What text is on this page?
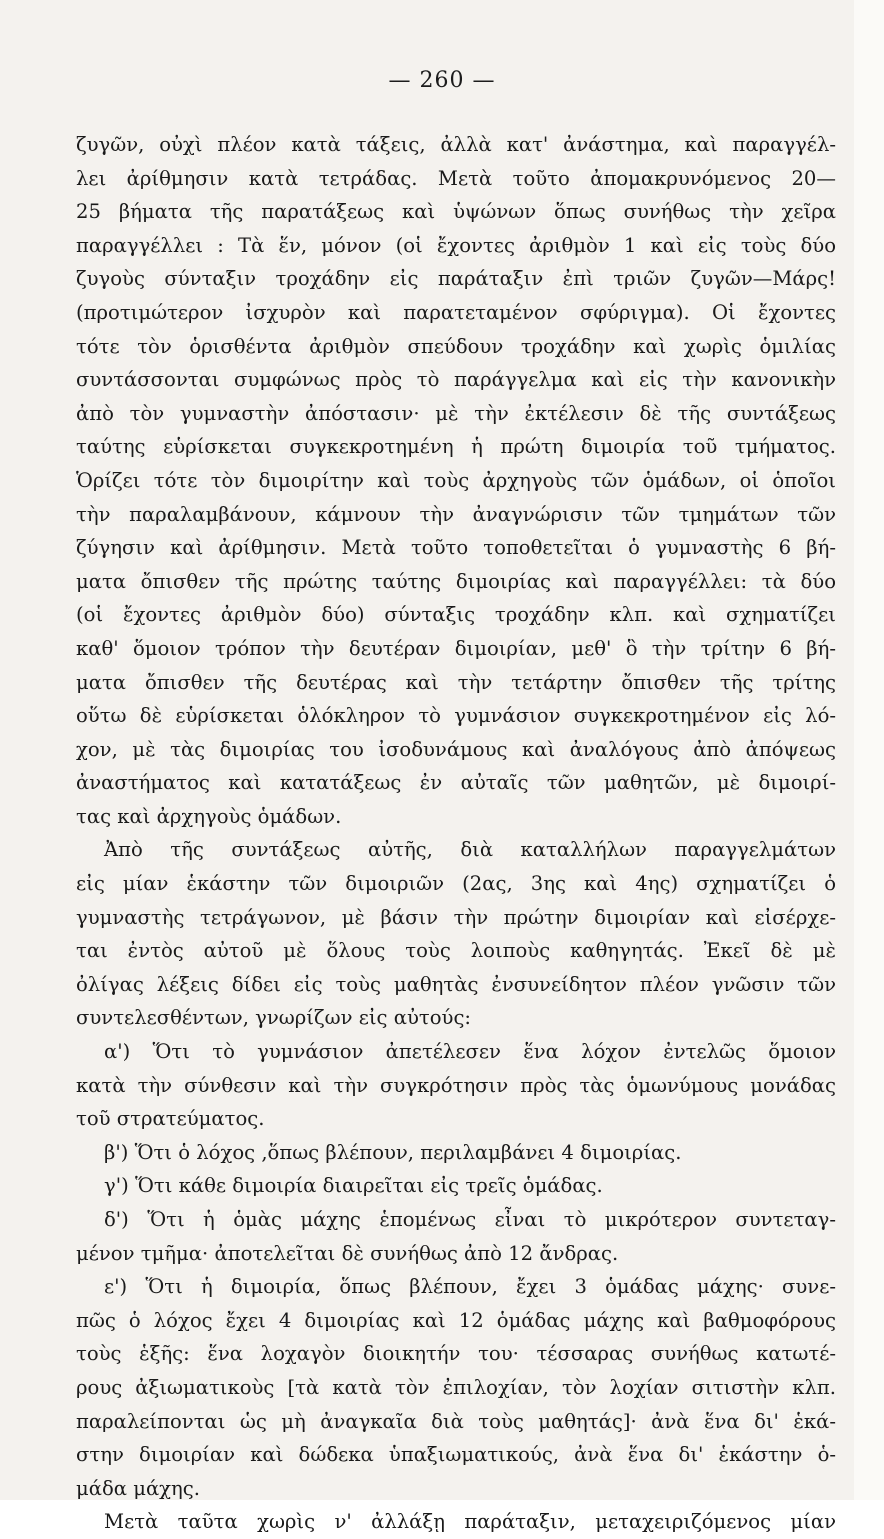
— 260 —
ζυγῶν, οὐχὶ πλέον κατὰ τάξεις, ἀλλὰ κατ' ἀνάστημα, καὶ παραγγέλ-
λει ἀρίθμησιν κατὰ τετράδας. Μετὰ τοῦτο ἀπομακρυνόμενος 20—
25 βήματα τῆς παρατάξεως καὶ ὑψώνων ὅπως συνήθως τὴν χεῖρα
παραγγέλλει : Τὰ ἕν, μόνον (οἱ ἔχοντες ἀριθμὸν 1 καὶ εἰς τοὺς δύο
ζυγοὺς σύνταξιν τροχάδην εἰς παράταξιν ἐπὶ τριῶν ζυγῶν—Μάρς!
(προτιμώτερον ἰσχυρὸν καὶ παρατεταμένον σφύριγμα). Οἱ ἔχοντες
τότε τὸν ὁρισθέντα ἀριθμὸν σπεύδουν τροχάδην καὶ χωρὶς ὁμιλίας
συντάσσονται συμφώνως πρὸς τὸ παράγγελμα καὶ εἰς τὴν κανονικὴν
ἀπὸ τὸν γυμναστὴν ἀπόστασιν· μὲ τὴν ἐκτέλεσιν δὲ τῆς συντάξεως
ταύτης εὑρίσκεται συγκεκροτημένη ἡ πρώτη διμοιρία τοῦ τμήματος.
Ὁρίζει τότε τὸν διμοιρίτην καὶ τοὺς ἀρχηγοὺς τῶν ὁμάδων, οἱ ὁποῖοι
τὴν παραλαμβάνουν, κάμνουν τὴν ἀναγνώρισιν τῶν τμημάτων τῶν
ζύγησιν καὶ ἀρίθμησιν. Μετὰ τοῦτο τοποθετεῖται ὁ γυμναστὴς 6 βή-
ματα ὄπισθεν τῆς πρώτης ταύτης διμοιρίας καὶ παραγγέλλει: τὰ δύο
(οἱ ἔχοντες ἀριθμὸν δύο) σύνταξις τροχάδην κλπ. καὶ σχηματίζει
καθ' ὅμοιον τρόπον τὴν δευτέραν διμοιρίαν, μεθ' ὃ τὴν τρίτην 6 βή-
ματα ὄπισθεν τῆς δευτέρας καὶ τὴν τετάρτην ὄπισθεν τῆς τρίτης
οὕτω δὲ εὑρίσκεται ὁλόκληρον τὸ γυμνάσιον συγκεκροτημένον εἰς λό-
χον, μὲ τὰς διμοιρίας του ἰσοδυνάμους καὶ ἀναλόγους ἀπὸ ἀπόψεως
ἀναστήματος καὶ κατατάξεως ἐν αὐταῖς τῶν μαθητῶν, μὲ διμοιρί-
τας καὶ ἀρχηγοὺς ὁμάδων.
Ἀπὸ τῆς συντάξεως αὐτῆς, διὰ καταλλήλων παραγγελμάτων
εἰς μίαν ἑκάστην τῶν διμοιριῶν (2ας, 3ης καὶ 4ης) σχηματίζει ὁ
γυμναστὴς τετράγωνον, μὲ βάσιν τὴν πρώτην διμοιρίαν καὶ εἰσέρχε-
ται ἐντὸς αὐτοῦ μὲ ὅλους τοὺς λοιποὺς καθηγητάς. Ἐκεῖ δὲ μὲ
ὀλίγας λέξεις δίδει εἰς τοὺς μαθητὰς ἐνσυνείδητον πλέον γνῶσιν τῶν
συντελεσθέντων, γνωρίζων εἰς αὐτούς:
α') Ὅτι τὸ γυμνάσιον ἀπετέλεσεν ἕνα λόχον ἐντελῶς ὅμοιον
κατὰ τὴν σύνθεσιν καὶ τὴν συγκρότησιν πρὸς τὰς ὁμωνύμους μονάδας
τοῦ στρατεύματος.
β') Ὅτι ὁ λόχος ,ὅπως βλέπουν, περιλαμβάνει 4 διμοιρίας.
γ') Ὅτι κάθε διμοιρία διαιρεῖται εἰς τρεῖς ὁμάδας.
δ') Ὅτι ἡ ὁμὰς μάχης ἑπομένως εἶναι τὸ μικρότερον συντεταγ-
μένον τμῆμα· ἀποτελεῖται δὲ συνήθως ἀπὸ 12 ἄνδρας.
ε') Ὅτι ἡ διμοιρία, ὅπως βλέπουν, ἔχει 3 ὁμάδας μάχης· συνε-
πῶς ὁ λόχος ἔχει 4 διμοιρίας καὶ 12 ὁμάδας μάχης καὶ βαθμοφόρους
τοὺς ἑξῆς: ἕνα λοχαγὸν διοικητήν του· τέσσαρας συνήθως κατωτέ-
ρους ἀξιωματικοὺς [τὰ κατὰ τὸν ἐπιλοχίαν, τὸν λοχίαν σιτιστὴν κλπ.
παραλείπονται ὡς μὴ ἀναγκαῖα διὰ τοὺς μαθητάς]· ἀνὰ ἕνα δι' ἑκά-
στην διμοιρίαν καὶ δώδεκα ὑπαξιωματικούς, ἀνὰ ἕνα δι' ἑκάστην ὁ-
μάδα μάχης.
Μετὰ ταῦτα χωρὶς ν' ἀλλάξῃ παράταξιν, μεταχειριζόμενος μίαν
